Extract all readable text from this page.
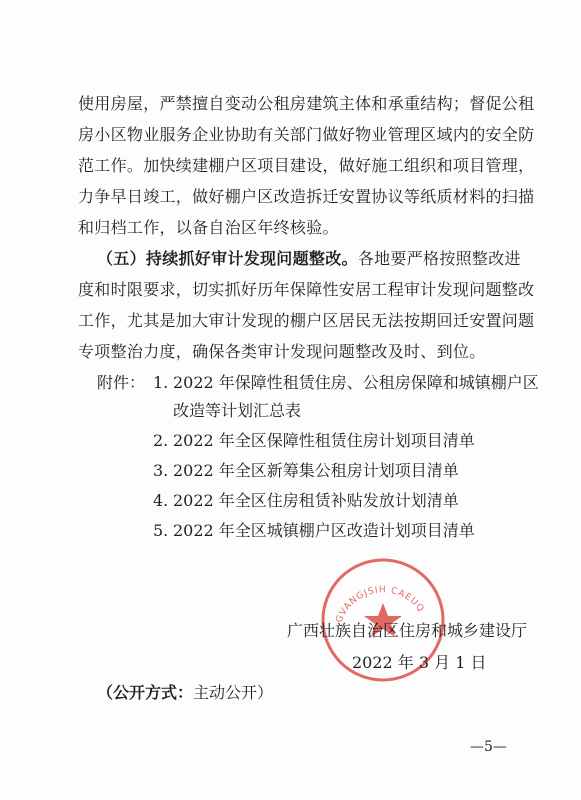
使用房屋，严禁擅自变动公租房建筑主体和承重结构；督促公租
房小区物业服务企业协助有关部门做好物业管理区域内的安全防
范工作。加快续建棚户区项目建设，做好施工组织和项目管理，
力争早日竣工，做好棚户区改造拆迁安置协议等纸质材料的扫描
和归档工作，以备自治区年终核验。
（五）持续抓好审计发现问题整改。各地要严格按照整改进
度和时限要求，切实抓好历年保障性安居工程审计发现问题整改
工作，尤其是加大审计发现的棚户区居民无法按期回迁安置问题
专项整治力度，确保各类审计发现问题整改及时、到位。
附件： 1. 2022 年保障性租赁住房、公租房保障和城镇棚户区
改造等计划汇总表
2. 2022 年全区保障性租赁住房计划项目清单
3. 2022 年全区新筹集公租房计划项目清单
4. 2022 年全区住房租赁补贴发放计划清单
5. 2022 年全区城镇棚户区改造计划项目清单
GVANGJSIH CAEUQ
广西壮族自治区住房和城乡建设厅
2022 年 3 月 1 日
（公开方式：主动公开）
—5—
